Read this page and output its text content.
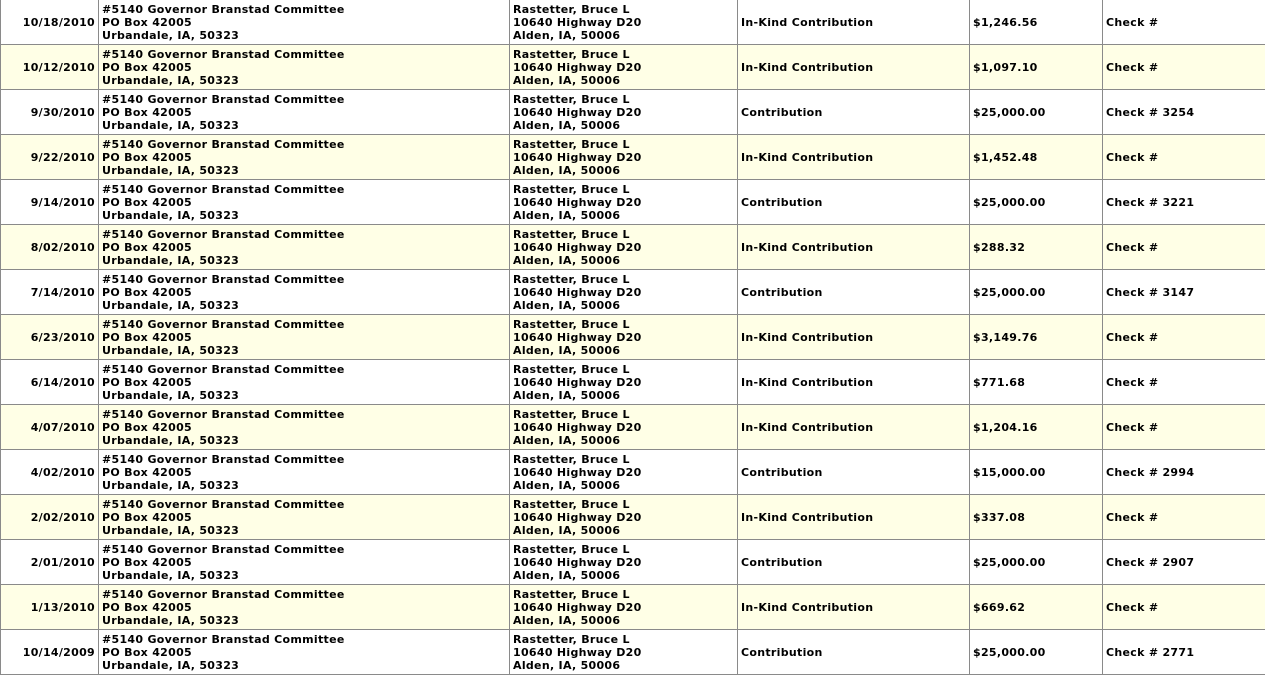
10/18/2010	#5140 Governor Branstad Committee
PO Box 42005
Urbandale, IA, 50323	Rastetter, Bruce L
10640 Highway D20
Alden, IA, 50006	In-Kind Contribution	$1,246.56	Check #
10/12/2010	#5140 Governor Branstad Committee
PO Box 42005
Urbandale, IA, 50323	Rastetter, Bruce L
10640 Highway D20
Alden, IA, 50006	In-Kind Contribution	$1,097.10	Check #
9/30/2010	#5140 Governor Branstad Committee
PO Box 42005
Urbandale, IA, 50323	Rastetter, Bruce L
10640 Highway D20
Alden, IA, 50006	Contribution	$25,000.00	Check # 3254
9/22/2010	#5140 Governor Branstad Committee
PO Box 42005
Urbandale, IA, 50323	Rastetter, Bruce L
10640 Highway D20
Alden, IA, 50006	In-Kind Contribution	$1,452.48	Check #
9/14/2010	#5140 Governor Branstad Committee
PO Box 42005
Urbandale, IA, 50323	Rastetter, Bruce L
10640 Highway D20
Alden, IA, 50006	Contribution	$25,000.00	Check # 3221
8/02/2010	#5140 Governor Branstad Committee
PO Box 42005
Urbandale, IA, 50323	Rastetter, Bruce L
10640 Highway D20
Alden, IA, 50006	In-Kind Contribution	$288.32	Check #
7/14/2010	#5140 Governor Branstad Committee
PO Box 42005
Urbandale, IA, 50323	Rastetter, Bruce L
10640 Highway D20
Alden, IA, 50006	Contribution	$25,000.00	Check # 3147
6/23/2010	#5140 Governor Branstad Committee
PO Box 42005
Urbandale, IA, 50323	Rastetter, Bruce L
10640 Highway D20
Alden, IA, 50006	In-Kind Contribution	$3,149.76	Check #
6/14/2010	#5140 Governor Branstad Committee
PO Box 42005
Urbandale, IA, 50323	Rastetter, Bruce L
10640 Highway D20
Alden, IA, 50006	In-Kind Contribution	$771.68	Check #
4/07/2010	#5140 Governor Branstad Committee
PO Box 42005
Urbandale, IA, 50323	Rastetter, Bruce L
10640 Highway D20
Alden, IA, 50006	In-Kind Contribution	$1,204.16	Check #
4/02/2010	#5140 Governor Branstad Committee
PO Box 42005
Urbandale, IA, 50323	Rastetter, Bruce L
10640 Highway D20
Alden, IA, 50006	Contribution	$15,000.00	Check # 2994
2/02/2010	#5140 Governor Branstad Committee
PO Box 42005
Urbandale, IA, 50323	Rastetter, Bruce L
10640 Highway D20
Alden, IA, 50006	In-Kind Contribution	$337.08	Check #
2/01/2010	#5140 Governor Branstad Committee
PO Box 42005
Urbandale, IA, 50323	Rastetter, Bruce L
10640 Highway D20
Alden, IA, 50006	Contribution	$25,000.00	Check # 2907
1/13/2010	#5140 Governor Branstad Committee
PO Box 42005
Urbandale, IA, 50323	Rastetter, Bruce L
10640 Highway D20
Alden, IA, 50006	In-Kind Contribution	$669.62	Check #
10/14/2009	#5140 Governor Branstad Committee
PO Box 42005
Urbandale, IA, 50323	Rastetter, Bruce L
10640 Highway D20
Alden, IA, 50006	Contribution	$25,000.00	Check # 2771
